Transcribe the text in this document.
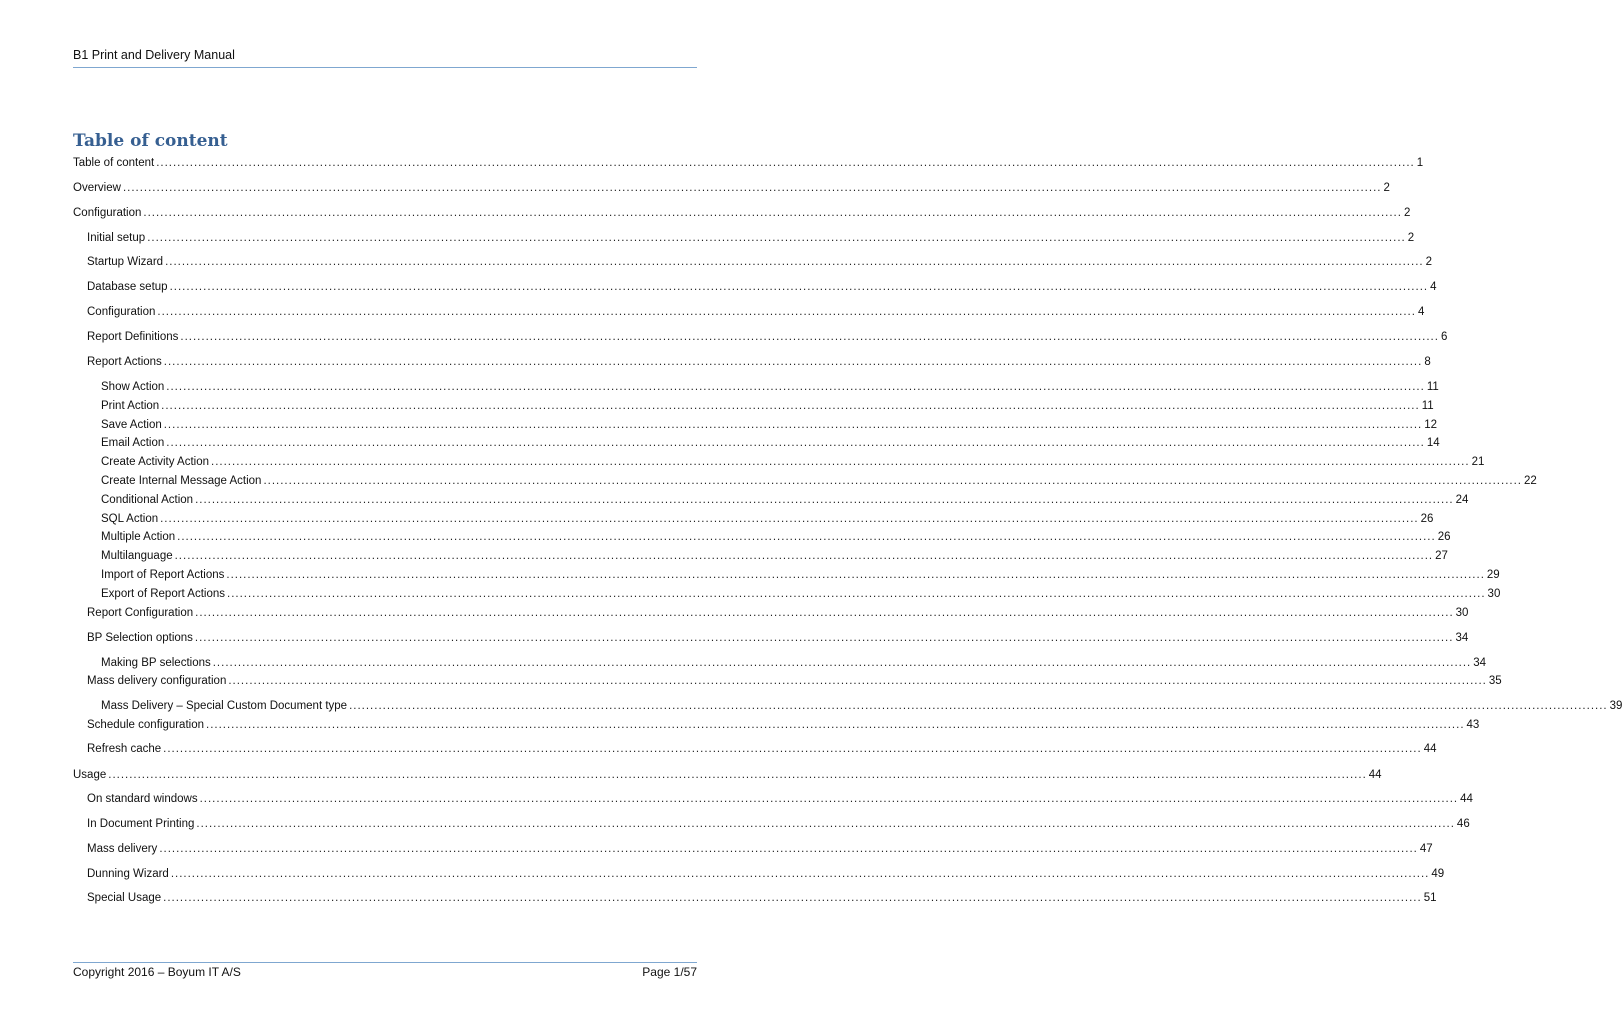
B1 Print and Delivery Manual
Table of content
Table of content ............................................................................................................................................................................................................................................................................................................ 1
Overview ............................................................................................................................................................................................................................................................................................................ 2
Configuration ............................................................................................................................................................................................................................................................................................................ 2
Initial setup ............................................................................................................................................................................................................................................................................................................ 2
Startup Wizard ............................................................................................................................................................................................................................................................................................................ 2
Database setup ............................................................................................................................................................................................................................................................................................................ 4
Configuration ............................................................................................................................................................................................................................................................................................................ 4
Report Definitions ............................................................................................................................................................................................................................................................................................................ 6
Report Actions ............................................................................................................................................................................................................................................................................................................ 8
Show Action ............................................................................................................................................................................................................................................................................................................ 11
Print Action ............................................................................................................................................................................................................................................................................................................ 11
Save Action ............................................................................................................................................................................................................................................................................................................ 12
Email Action ............................................................................................................................................................................................................................................................................................................ 14
Create Activity Action ............................................................................................................................................................................................................................................................................................................ 21
Create Internal Message Action ............................................................................................................................................................................................................................................................................................................ 22
Conditional Action ............................................................................................................................................................................................................................................................................................................ 24
SQL Action ............................................................................................................................................................................................................................................................................................................ 26
Multiple Action ............................................................................................................................................................................................................................................................................................................ 26
Multilanguage ............................................................................................................................................................................................................................................................................................................ 27
Import of Report Actions ............................................................................................................................................................................................................................................................................................................ 29
Export of Report Actions ............................................................................................................................................................................................................................................................................................................ 30
Report Configuration ............................................................................................................................................................................................................................................................................................................ 30
BP Selection options ............................................................................................................................................................................................................................................................................................................ 34
Making BP selections ............................................................................................................................................................................................................................................................................................................ 34
Mass delivery configuration ............................................................................................................................................................................................................................................................................................................ 35
Mass Delivery – Special Custom Document type ............................................................................................................................................................................................................................................................................................................ 39
Schedule configuration ............................................................................................................................................................................................................................................................................................................ 43
Refresh cache ............................................................................................................................................................................................................................................................................................................ 44
Usage ............................................................................................................................................................................................................................................................................................................ 44
On standard windows ............................................................................................................................................................................................................................................................................................................ 44
In Document Printing ............................................................................................................................................................................................................................................................................................................ 46
Mass delivery ............................................................................................................................................................................................................................................................................................................ 47
Dunning Wizard ............................................................................................................................................................................................................................................................................................................ 49
Special Usage ............................................................................................................................................................................................................................................................................................................ 51
Copyright 2016 – Boyum IT A/S	Page 1/57
